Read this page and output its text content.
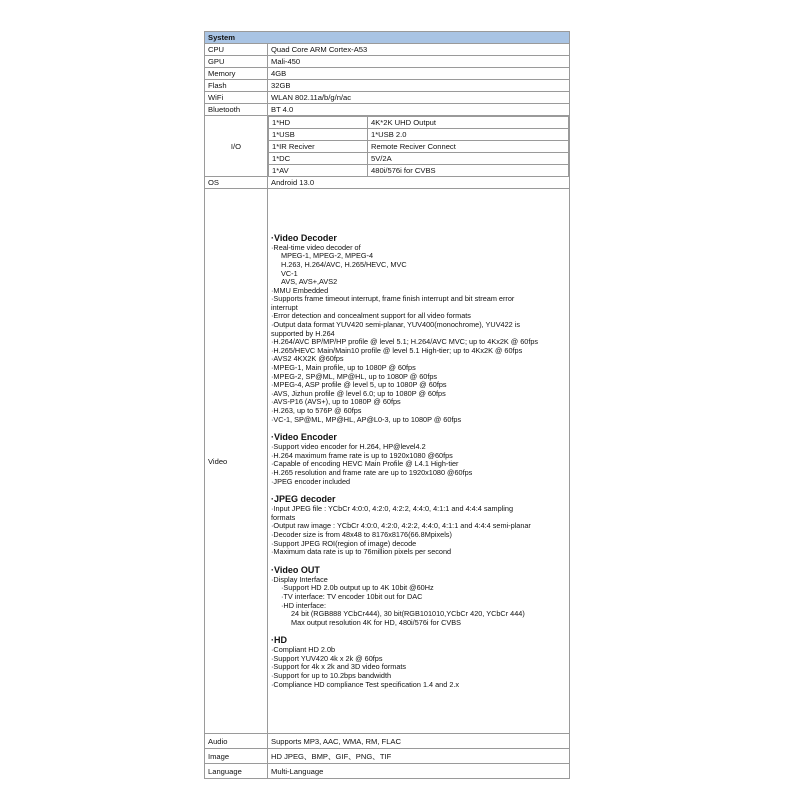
System
CPU	Quad Core ARM Cortex-A53
GPU	Mali-450
Memory	4GB
Flash	32GB
WiFi	WLAN 802.11a/b/g/n/ac
Bluetooth	BT 4.0
I/O	
1*HD	4K*2K UHD Output
1*USB	1*USB 2.0
1*IR Reciver	Remote Reciver Connect
1*DC	5V/2A
1*AV	480i/576i for CVBS

OS	Android 13.0
Video	
·Video Decoder
·Real-time video decoder of
MPEG-1, MPEG-2, MPEG-4
H.263, H.264/AVC, H.265/HEVC, MVC
VC-1
AVS, AVS+,AVS2
·MMU Embedded
·Supports frame timeout interrupt, frame finish interrupt and bit stream error
interrupt
·Error detection and concealment support for all video formats
·Output data format YUV420 semi-planar, YUV400(monochrome), YUV422 is
supported by H.264
·H.264/AVC BP/MP/HP profile @ level 5.1; H.264/AVC MVC; up to 4Kx2K @ 60fps
·H.265/HEVC Main/Main10 profile @ level 5.1 High-tier; up to 4Kx2K @ 60fps
·AVS2 4KX2K @60fps
·MPEG-1, Main profile, up to 1080P @ 60fps
·MPEG-2, SP@ML, MP@HL, up to 1080P @ 60fps
·MPEG-4, ASP profile @ level 5, up to 1080P @ 60fps
·AVS, Jizhun profile @ level 6.0; up to 1080P @ 60fps
·AVS-P16 (AVS+), up to 1080P @ 60fps
·H.263, up to 576P @ 60fps
·VC-1, SP@ML, MP@HL, AP@L0-3, up to 1080P @ 60fps
·Video Encoder
·Support video encoder for H.264, HP@level4.2
·H.264 maximum frame rate is up to 1920x1080 @60fps
·Capable of encoding HEVC Main Profile @ L4.1 High-tier
·H.265 resolution and frame rate are up to 1920x1080 @60fps
·JPEG encoder included
·JPEG decoder
·Input JPEG file : YCbCr 4:0:0, 4:2:0, 4:2:2, 4:4:0, 4:1:1 and 4:4:4 sampling
formats
·Output raw image : YCbCr 4:0:0, 4:2:0, 4:2:2, 4:4:0, 4:1:1 and 4:4:4 semi-planar
·Decoder size is from 48x48 to 8176x8176(66.8Mpixels)
·Support JPEG ROI(region of image) decode
·Maximum data rate is up to 76million pixels per second
·Video OUT
·Display Interface
·Support HD 2.0b output up to 4K 10bit @60Hz
·TV interface: TV encoder 10bit out for DAC
·HD interface:
24 bit (RGB888 YCbCr444), 30 bit(RGB101010,YCbCr 420, YCbCr 444)
Max output resolution 4K for HD, 480i/576i for CVBS
·HD
·Compliant HD 2.0b
·Support YUV420 4k x 2k @ 60fps
·Support for 4k x 2k and 3D video formats
·Support for up to 10.2bps bandwidth
·Compliance HD compliance Test specification 1.4 and 2.x

Audio	Supports MP3, AAC, WMA, RM, FLAC
Image	HD JPEG、BMP、GIF、PNG、TIF
Language	Multi-Language
